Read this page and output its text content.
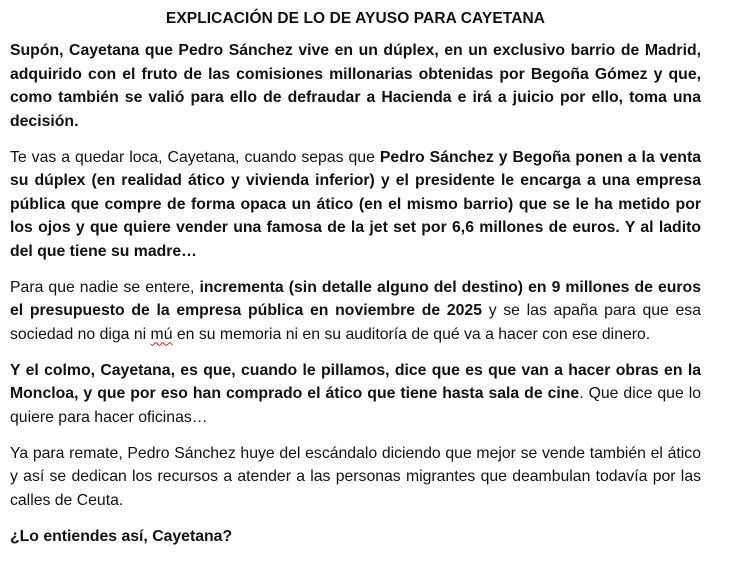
EXPLICACIÓN DE LO DE AYUSO PARA CAYETANA

Supón, Cayetana que Pedro Sánchez vive en un dúplex, en un exclusivo barrio de Madrid, adquirido con el fruto de las comisiones millonarias obtenidas por Begoña Gómez y que, como también se valió para ello de defraudar a Hacienda e irá a juicio por ello, toma una decisión.

Te vas a quedar loca, Cayetana, cuando sepas que Pedro Sánchez y Begoña ponen a la venta su dúplex (en realidad ático y vivienda inferior) y el presidente le encarga a una empresa pública que compre de forma opaca un ático (en el mismo barrio) que se le ha metido por los ojos y que quiere vender una famosa de la jet set por 6,6 millones de euros. Y al ladito del que tiene su madre…

Para que nadie se entere, incrementa (sin detalle alguno del destino) en 9 millones de euros el presupuesto de la empresa pública en noviembre de 2025 y se las apaña para que esa sociedad no diga ni mú en su memoria ni en su auditoría de qué va a hacer con ese dinero.

Y el colmo, Cayetana, es que, cuando le pillamos, dice que es que van a hacer obras en la Moncloa, y que por eso han comprado el ático que tiene hasta sala de cine. Que dice que lo quiere para hacer oficinas…

Ya para remate, Pedro Sánchez huye del escándalo diciendo que mejor se vende también el ático y así se dedican los recursos a atender a las personas migrantes que deambulan todavía por las calles de Ceuta.

¿Lo entiendes así, Cayetana?
